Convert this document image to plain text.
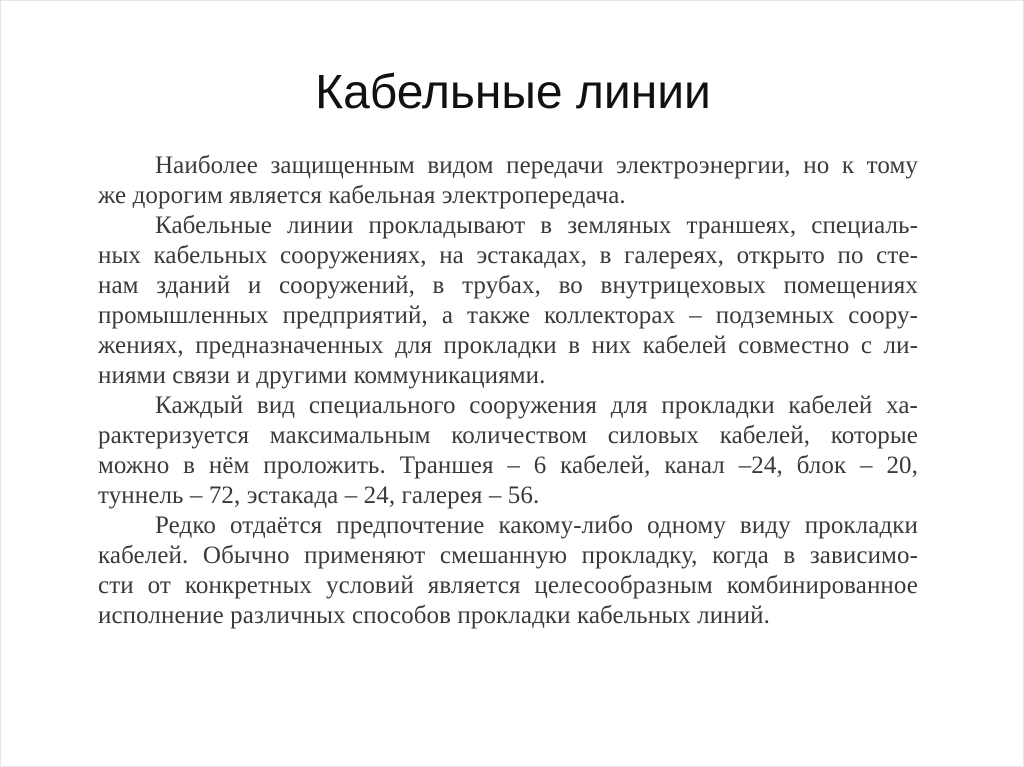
Кабельные линии
Наиболее защищенным видом передачи электроэнергии, но к тому
же дорогим является кабельная электропередача.
Кабельные линии прокладывают в земляных траншеях, специаль-
ных кабельных сооружениях, на эстакадах, в галереях, открыто по сте-
нам зданий и сооружений, в трубах, во внутрицеховых помещениях
промышленных предприятий, а также коллекторах – подземных соору-
жениях, предназначенных для прокладки в них кабелей совместно с ли-
ниями связи и другими коммуникациями.
Каждый вид специального сооружения для прокладки кабелей ха-
рактеризуется максимальным количеством силовых кабелей, которые
можно в нём проложить. Траншея – 6 кабелей, канал –24, блок – 20,
туннель – 72, эстакада – 24, галерея – 56.
Редко отдаётся предпочтение какому-либо одному виду прокладки
кабелей. Обычно применяют смешанную прокладку, когда в зависимо-
сти от конкретных условий является целесообразным комбинированное
исполнение различных способов прокладки кабельных линий.
